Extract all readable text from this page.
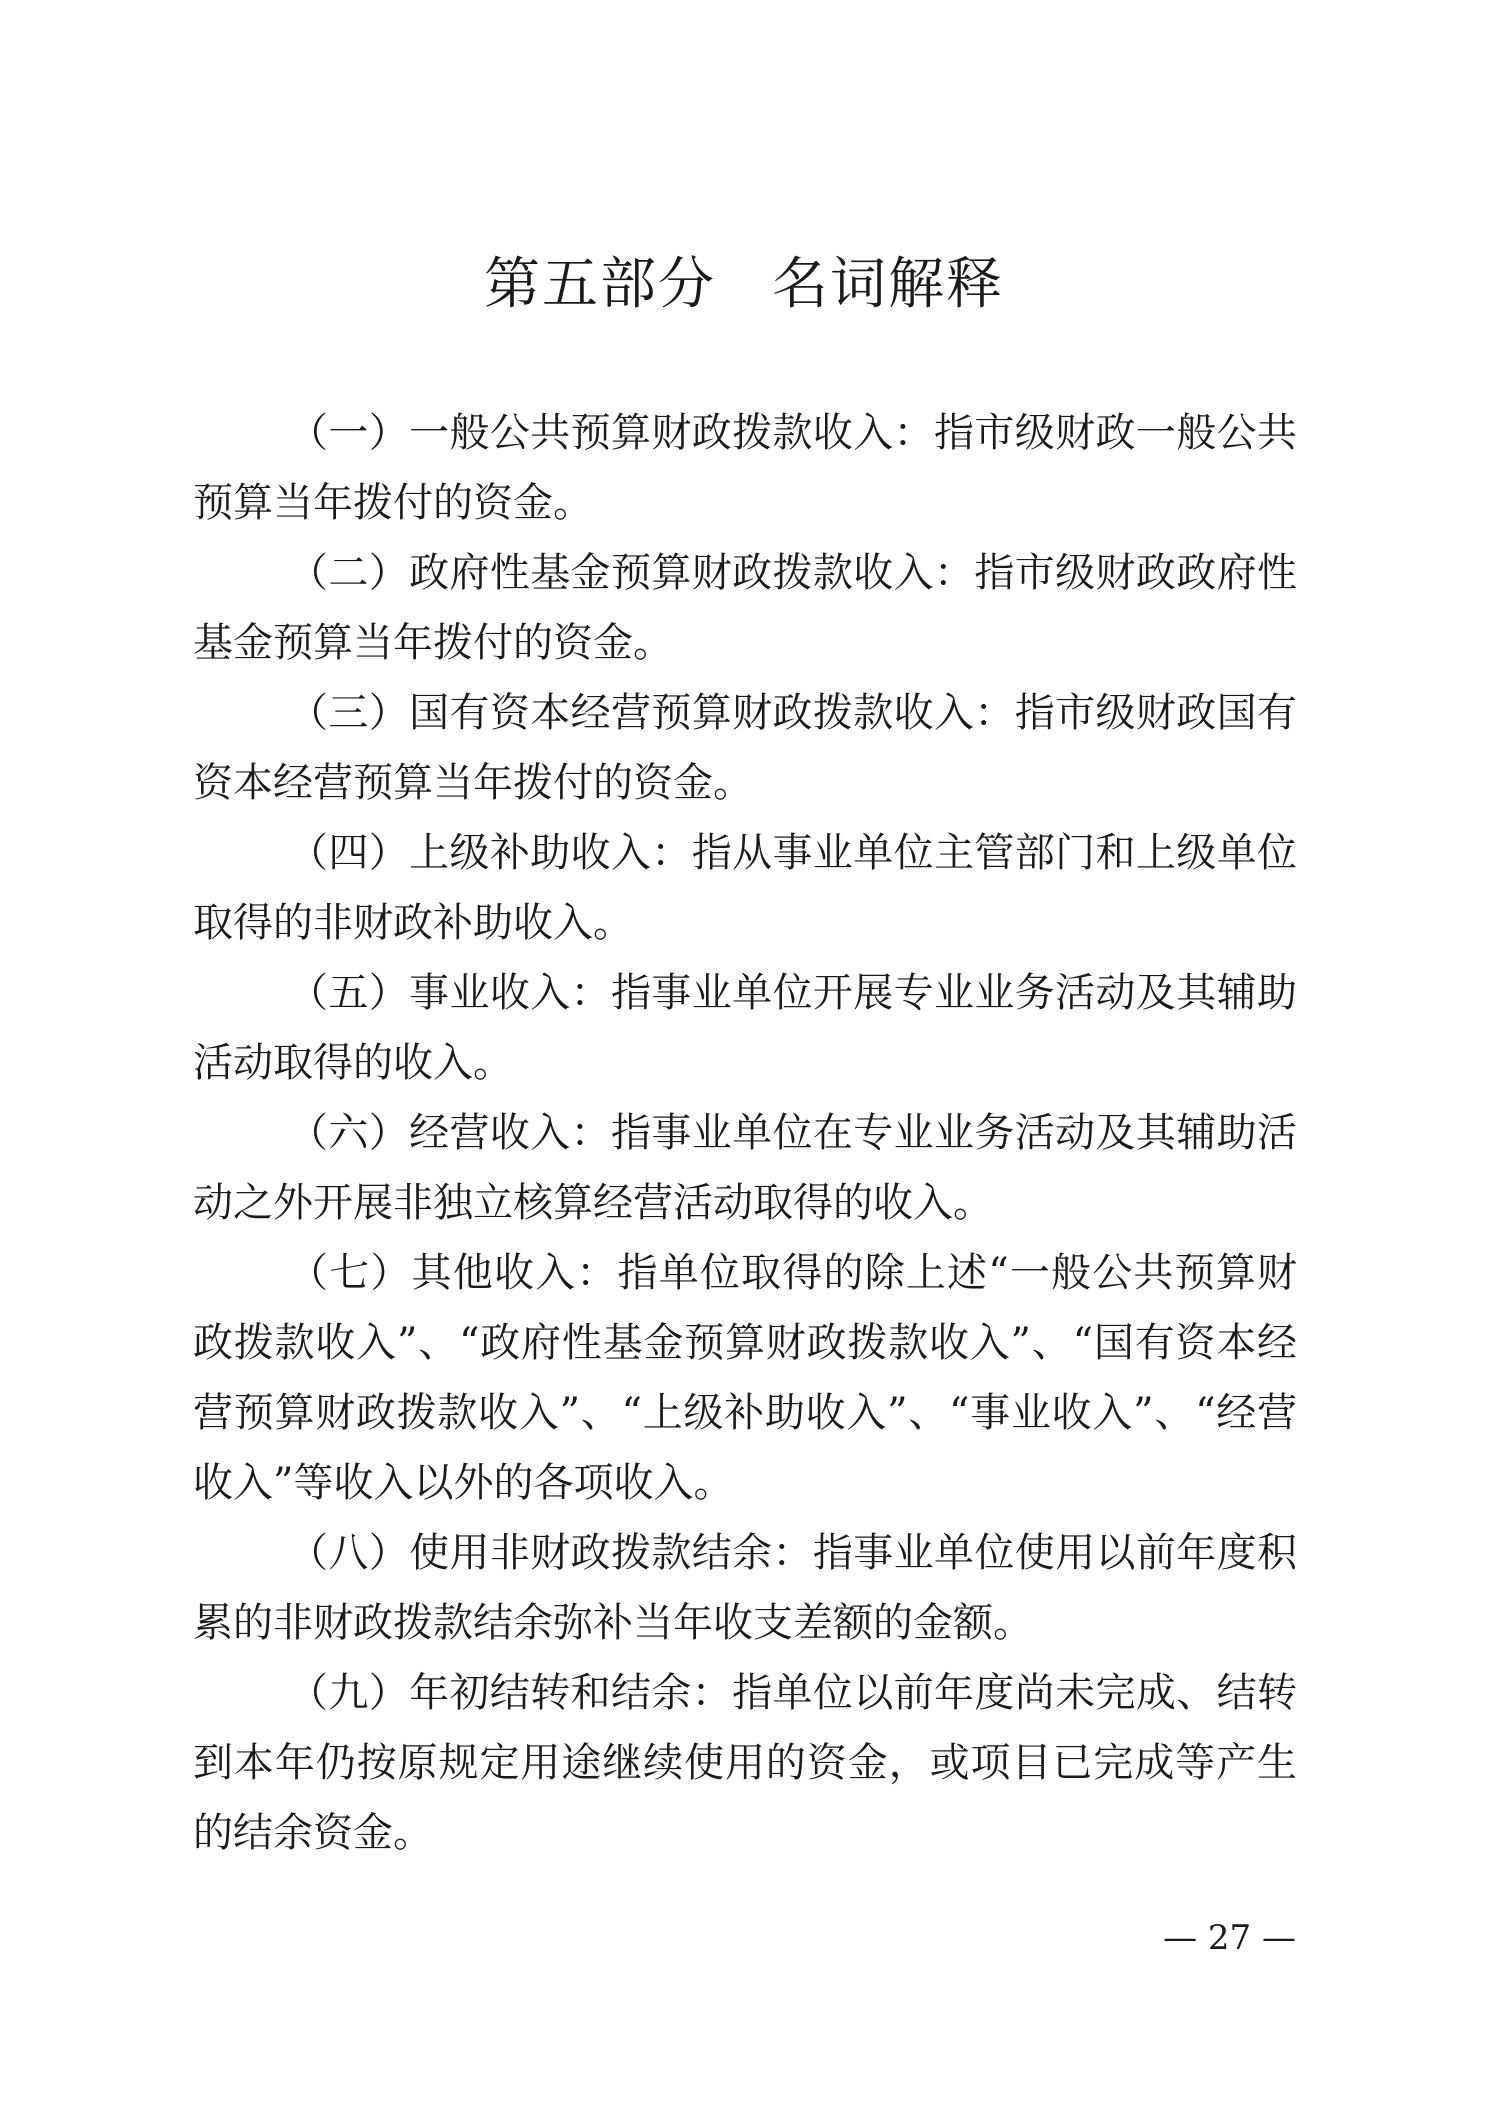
第五部分 名词解释

（一）一般公共预算财政拨款收入：指市级财政一般公共预算当年拨付的资金。

（二）政府性基金预算财政拨款收入：指市级财政政府性基金预算当年拨付的资金。

（三）国有资本经营预算财政拨款收入：指市级财政国有资本经营预算当年拨付的资金。

（四）上级补助收入：指从事业单位主管部门和上级单位取得的非财政补助收入。

（五）事业收入：指事业单位开展专业业务活动及其辅助活动取得的收入。

（六）经营收入：指事业单位在专业业务活动及其辅助活动之外开展非独立核算经营活动取得的收入。

（七）其他收入：指单位取得的除上述“一般公共预算财政拨款收入”、“政府性基金预算财政拨款收入”、“国有资本经营预算财政拨款收入”、“上级补助收入”、“事业收入”、“经营收入”等收入以外的各项收入。

（八）使用非财政拨款结余：指事业单位使用以前年度积累的非财政拨款结余弥补当年收支差额的金额。

（九）年初结转和结余：指单位以前年度尚未完成、结转到本年仍按原规定用途继续使用的资金，或项目已完成等产生的结余资金。

— 27 —
